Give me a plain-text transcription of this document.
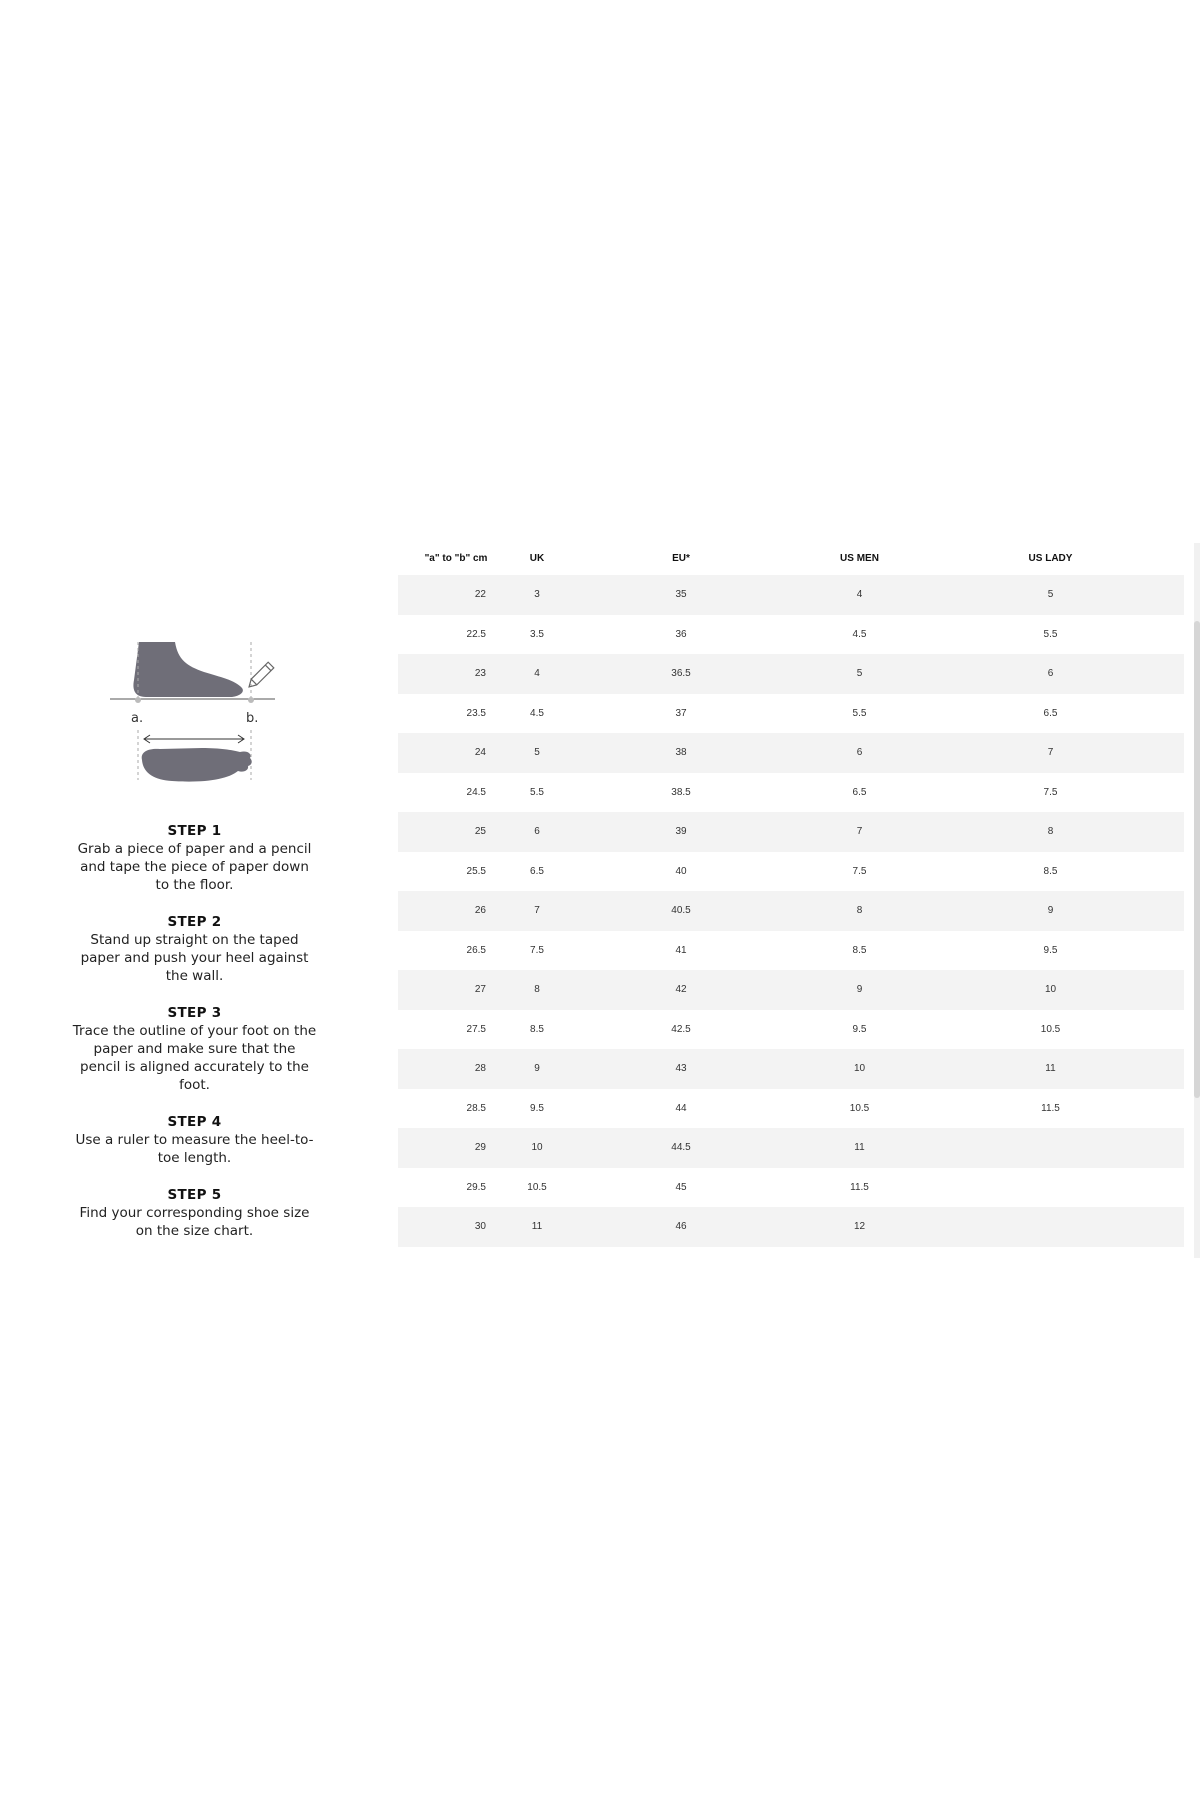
a.	b.
STEP 1
Grab a piece of paper and a pencil and tape the piece of paper down to the floor.
STEP 2
Stand up straight on the taped paper and push your heel against the wall.
STEP 3
Trace the outline of your foot on the paper and make sure that the pencil is aligned accurately to the foot.
STEP 4
Use a ruler to measure the heel-to-toe length.
STEP 5
Find your corresponding shoe size on the size chart.
"a" to "b" cm	UK	EU*	US MEN	US LADY
22	3	35	4	5
22.5	3.5	36	4.5	5.5
23	4	36.5	5	6
23.5	4.5	37	5.5	6.5
24	5	38	6	7
24.5	5.5	38.5	6.5	7.5
25	6	39	7	8
25.5	6.5	40	7.5	8.5
26	7	40.5	8	9
26.5	7.5	41	8.5	9.5
27	8	42	9	10
27.5	8.5	42.5	9.5	10.5
28	9	43	10	11
28.5	9.5	44	10.5	11.5
29	10	44.5	11
29.5	10.5	45	11.5
30	11	46	12
